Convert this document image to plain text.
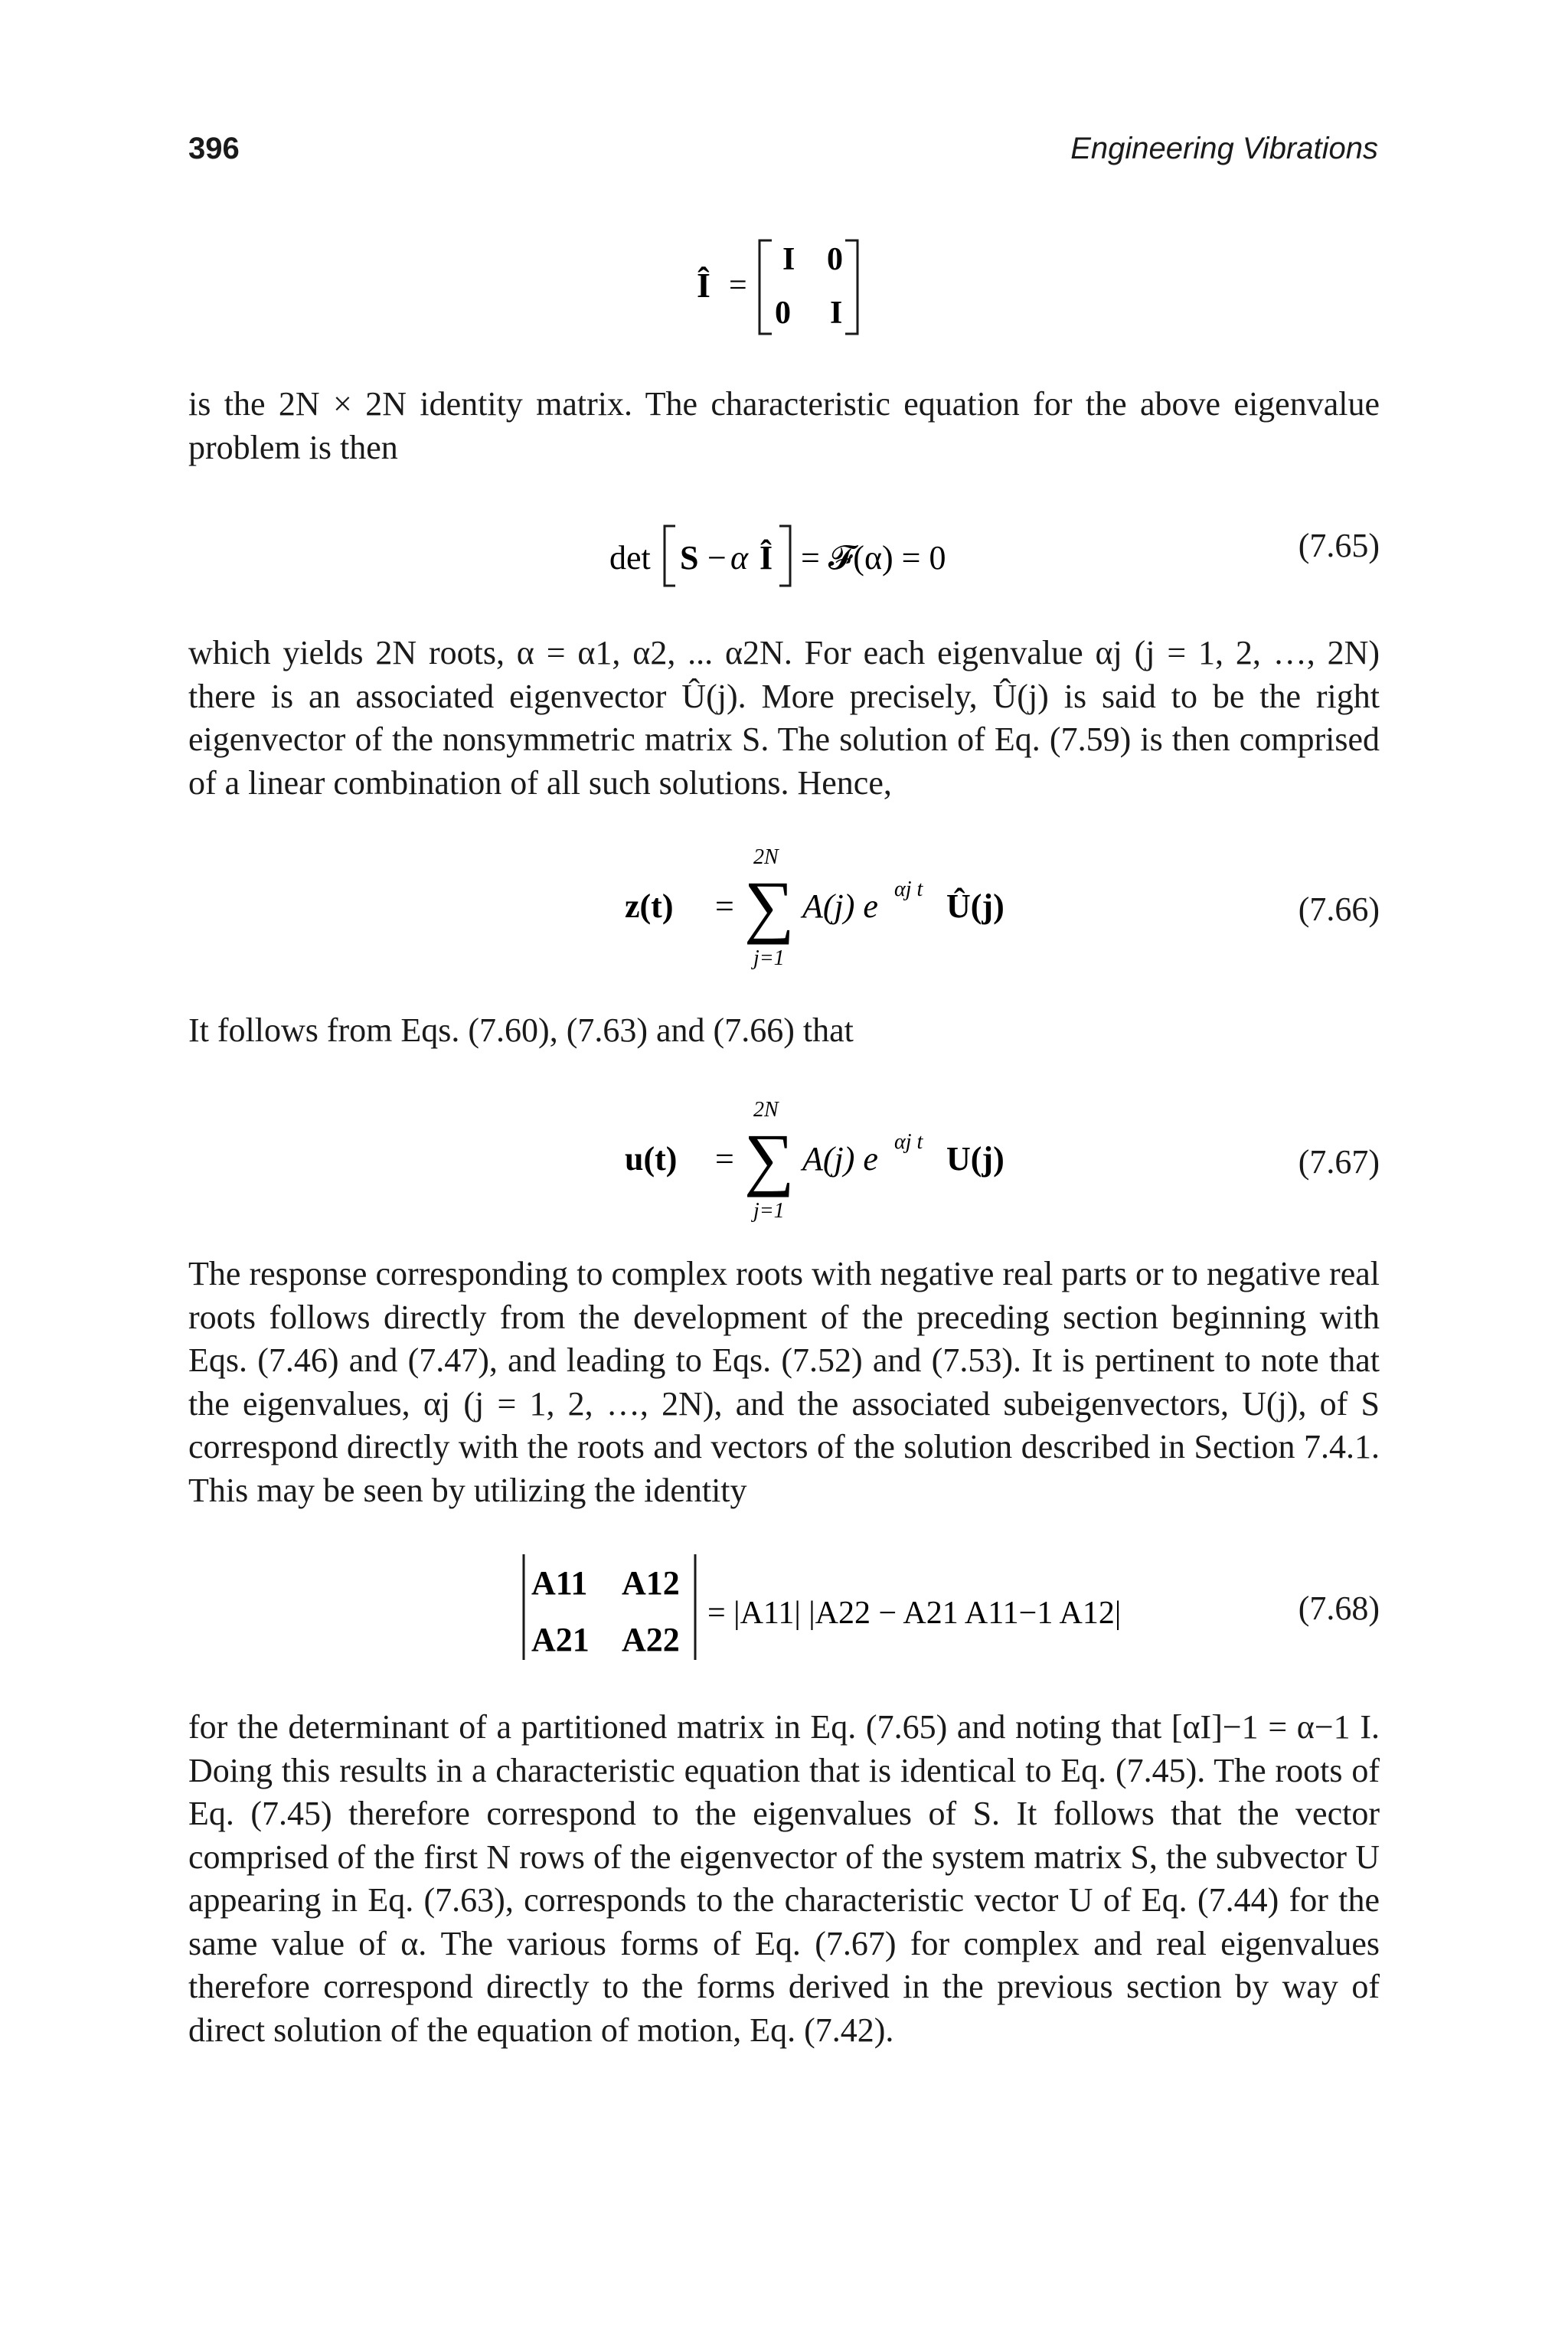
396	Engineering Vibrations
Î =
I 0
0 I

is the 2N × 2N identity matrix. The characteristic equation for the above eigenvalue problem is then

det S − α Î = 𝓕(α) = 0	(7.65)

which yields 2N roots, α = α1, α2, ... α2N. For each eigenvalue αj (j = 1, 2, …, 2N) there is an associated eigenvector Û(j). More precisely, Û(j) is said to be the right eigenvector of the nonsymmetric matrix S. The solution of Eq. (7.59) is then comprised of a linear combination of all such solutions. Hence,

z(t) =
2N
∑
j=1
A(j) e αj t Û(j)	(7.66)

It follows from Eqs. (7.60), (7.63) and (7.66) that

u(t) =
2N
∑
j=1
A(j) e αj t U(j)	(7.67)

The response corresponding to complex roots with negative real parts or to negative real roots follows directly from the development of the preceding section beginning with Eqs. (7.46) and (7.47), and leading to Eqs. (7.52) and (7.53). It is pertinent to note that the eigenvalues, αj (j = 1, 2, …, 2N), and the associated subeigenvectors, U(j), of S correspond directly with the roots and vectors of the solution described in Section 7.4.1. This may be seen by utilizing the identity

A11 A12
A21 A22
= |A11| |A22 − A21 A11−1 A12|	(7.68)

for the determinant of a partitioned matrix in Eq. (7.65) and noting that [αI]−1 = α−1 I. Doing this results in a characteristic equation that is identical to Eq. (7.45). The roots of Eq. (7.45) therefore correspond to the eigenvalues of S. It follows that the vector comprised of the first N rows of the eigenvector of the system matrix S, the subvector U appearing in Eq. (7.63), corresponds to the characteristic vector U of Eq. (7.44) for the same value of α. The various forms of Eq. (7.67) for complex and real eigenvalues therefore correspond directly to the forms derived in the previous section by way of direct solution of the equation of motion, Eq. (7.42).
